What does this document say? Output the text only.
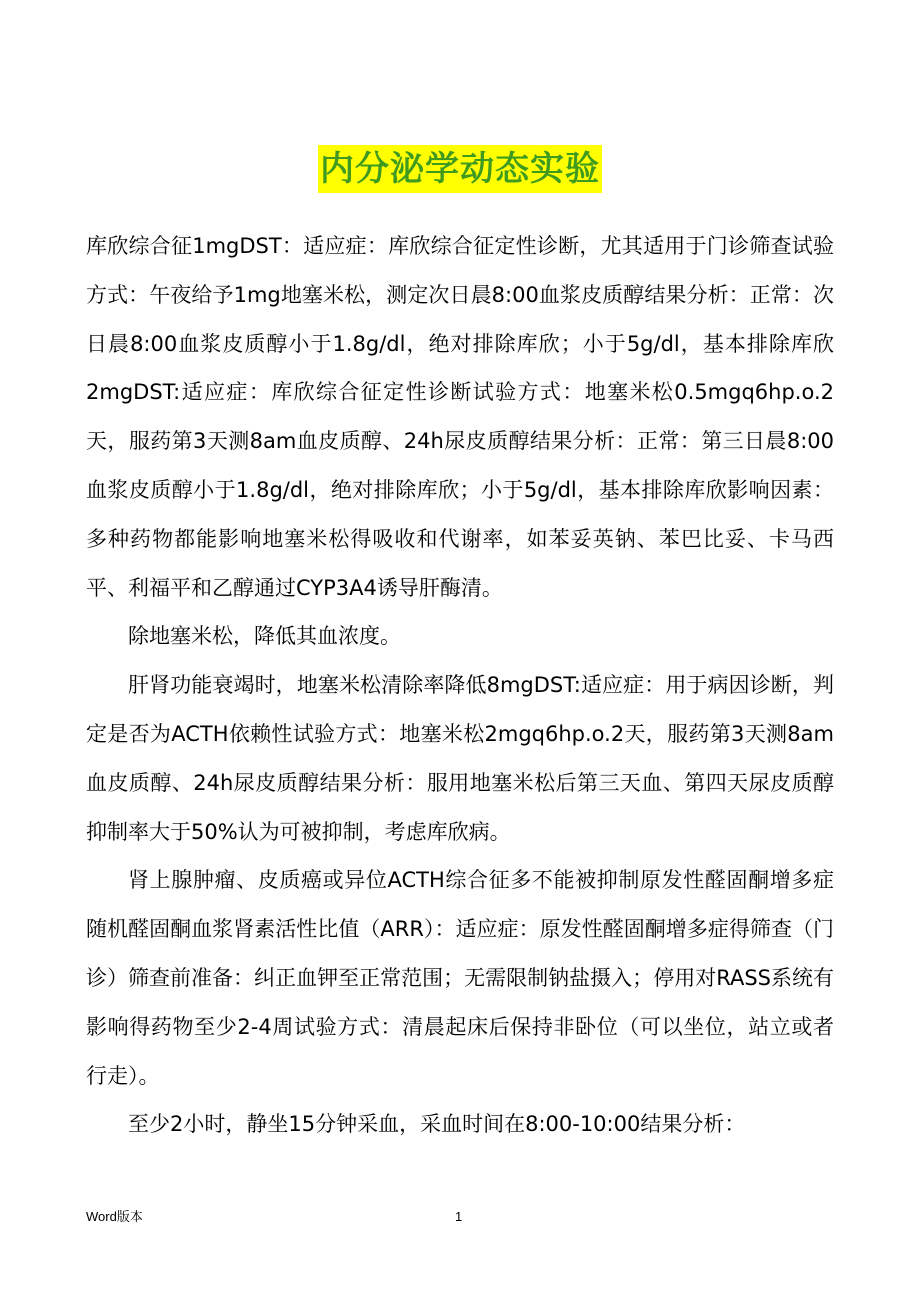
内分泌学动态实验

库欣综合征1mgDST：适应症：库欣综合征定性诊断，尤其适用于门诊筛查试验方式：午夜给予1mg地塞米松，测定次日晨8:00血浆皮质醇结果分析：正常：次日晨8:00血浆皮质醇小于1.8g/dl，绝对排除库欣；小于5g/dl，基本排除库欣2mgDST:适应症：库欣综合征定性诊断试验方式：地塞米松0.5mgq6hp.o.2天，服药第3天测8am血皮质醇、24h尿皮质醇结果分析：正常：第三日晨8:00血浆皮质醇小于1.8g/dl，绝对排除库欣；小于5g/dl，基本排除库欣影响因素：多种药物都能影响地塞米松得吸收和代谢率，如苯妥英钠、苯巴比妥、卡马西平、利福平和乙醇通过CYP3A4诱导肝酶清。

除地塞米松，降低其血浓度。

肝肾功能衰竭时，地塞米松清除率降低8mgDST:适应症：用于病因诊断，判定是否为ACTH依赖性试验方式：地塞米松2mgq6hp.o.2天，服药第3天测8am血皮质醇、24h尿皮质醇结果分析：服用地塞米松后第三天血、第四天尿皮质醇抑制率大于50%认为可被抑制，考虑库欣病。

肾上腺肿瘤、皮质癌或异位ACTH综合征多不能被抑制原发性醛固酮增多症随机醛固酮血浆肾素活性比值（ARR）：适应症：原发性醛固酮增多症得筛查（门诊）筛查前准备：纠正血钾至正常范围；无需限制钠盐摄入；停用对RASS系统有影响得药物至少2-4周试验方式：清晨起床后保持非卧位（可以坐位，站立或者行走）。

至少2小时，静坐15分钟采血，采血时间在8:00-10:00结果分析：

Word版本	1
